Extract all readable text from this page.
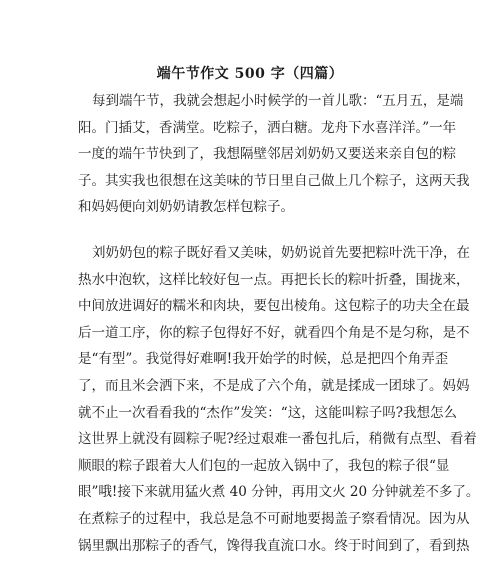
端午节作文 500 字（四篇）
每到端午节，我就会想起小时候学的一首儿歌：“五月五，是端
阳。门插艾，香满堂。吃粽子，洒白糖。龙舟下水喜洋洋。”一年
一度的端午节快到了，我想隔壁邻居刘奶奶又要送来亲自包的粽
子。其实我也很想在这美味的节日里自己做上几个粽子，这两天我
和妈妈便向刘奶奶请教怎样包粽子。
刘奶奶包的粽子既好看又美味，奶奶说首先要把粽叶洗干净，在
热水中泡软，这样比较好包一点。再把长长的粽叶折叠，围拢来，
中间放进调好的糯米和肉块，要包出棱角。这包粽子的功夫全在最
后一道工序，你的粽子包得好不好，就看四个角是不是匀称，是不
是“有型”。我觉得好难啊!我开始学的时候，总是把四个角弄歪
了，而且米会洒下来，不是成了六个角，就是揉成一团球了。妈妈
就不止一次看看我的“杰作”发笑：“这，这能叫粽子吗?我想怎么
这世界上就没有圆粽子呢?经过艰难一番包扎后，稍微有点型、看着
顺眼的粽子跟着大人们包的一起放入锅中了，我包的粽子很“显
眼”哦!接下来就用猛火煮 40 分钟，再用文火 20 分钟就差不多了。
在煮粽子的过程中，我总是急不可耐地要揭盖子察看情况。因为从
锅里飘出那粽子的香气，馋得我直流口水。终于时间到了，看到热
